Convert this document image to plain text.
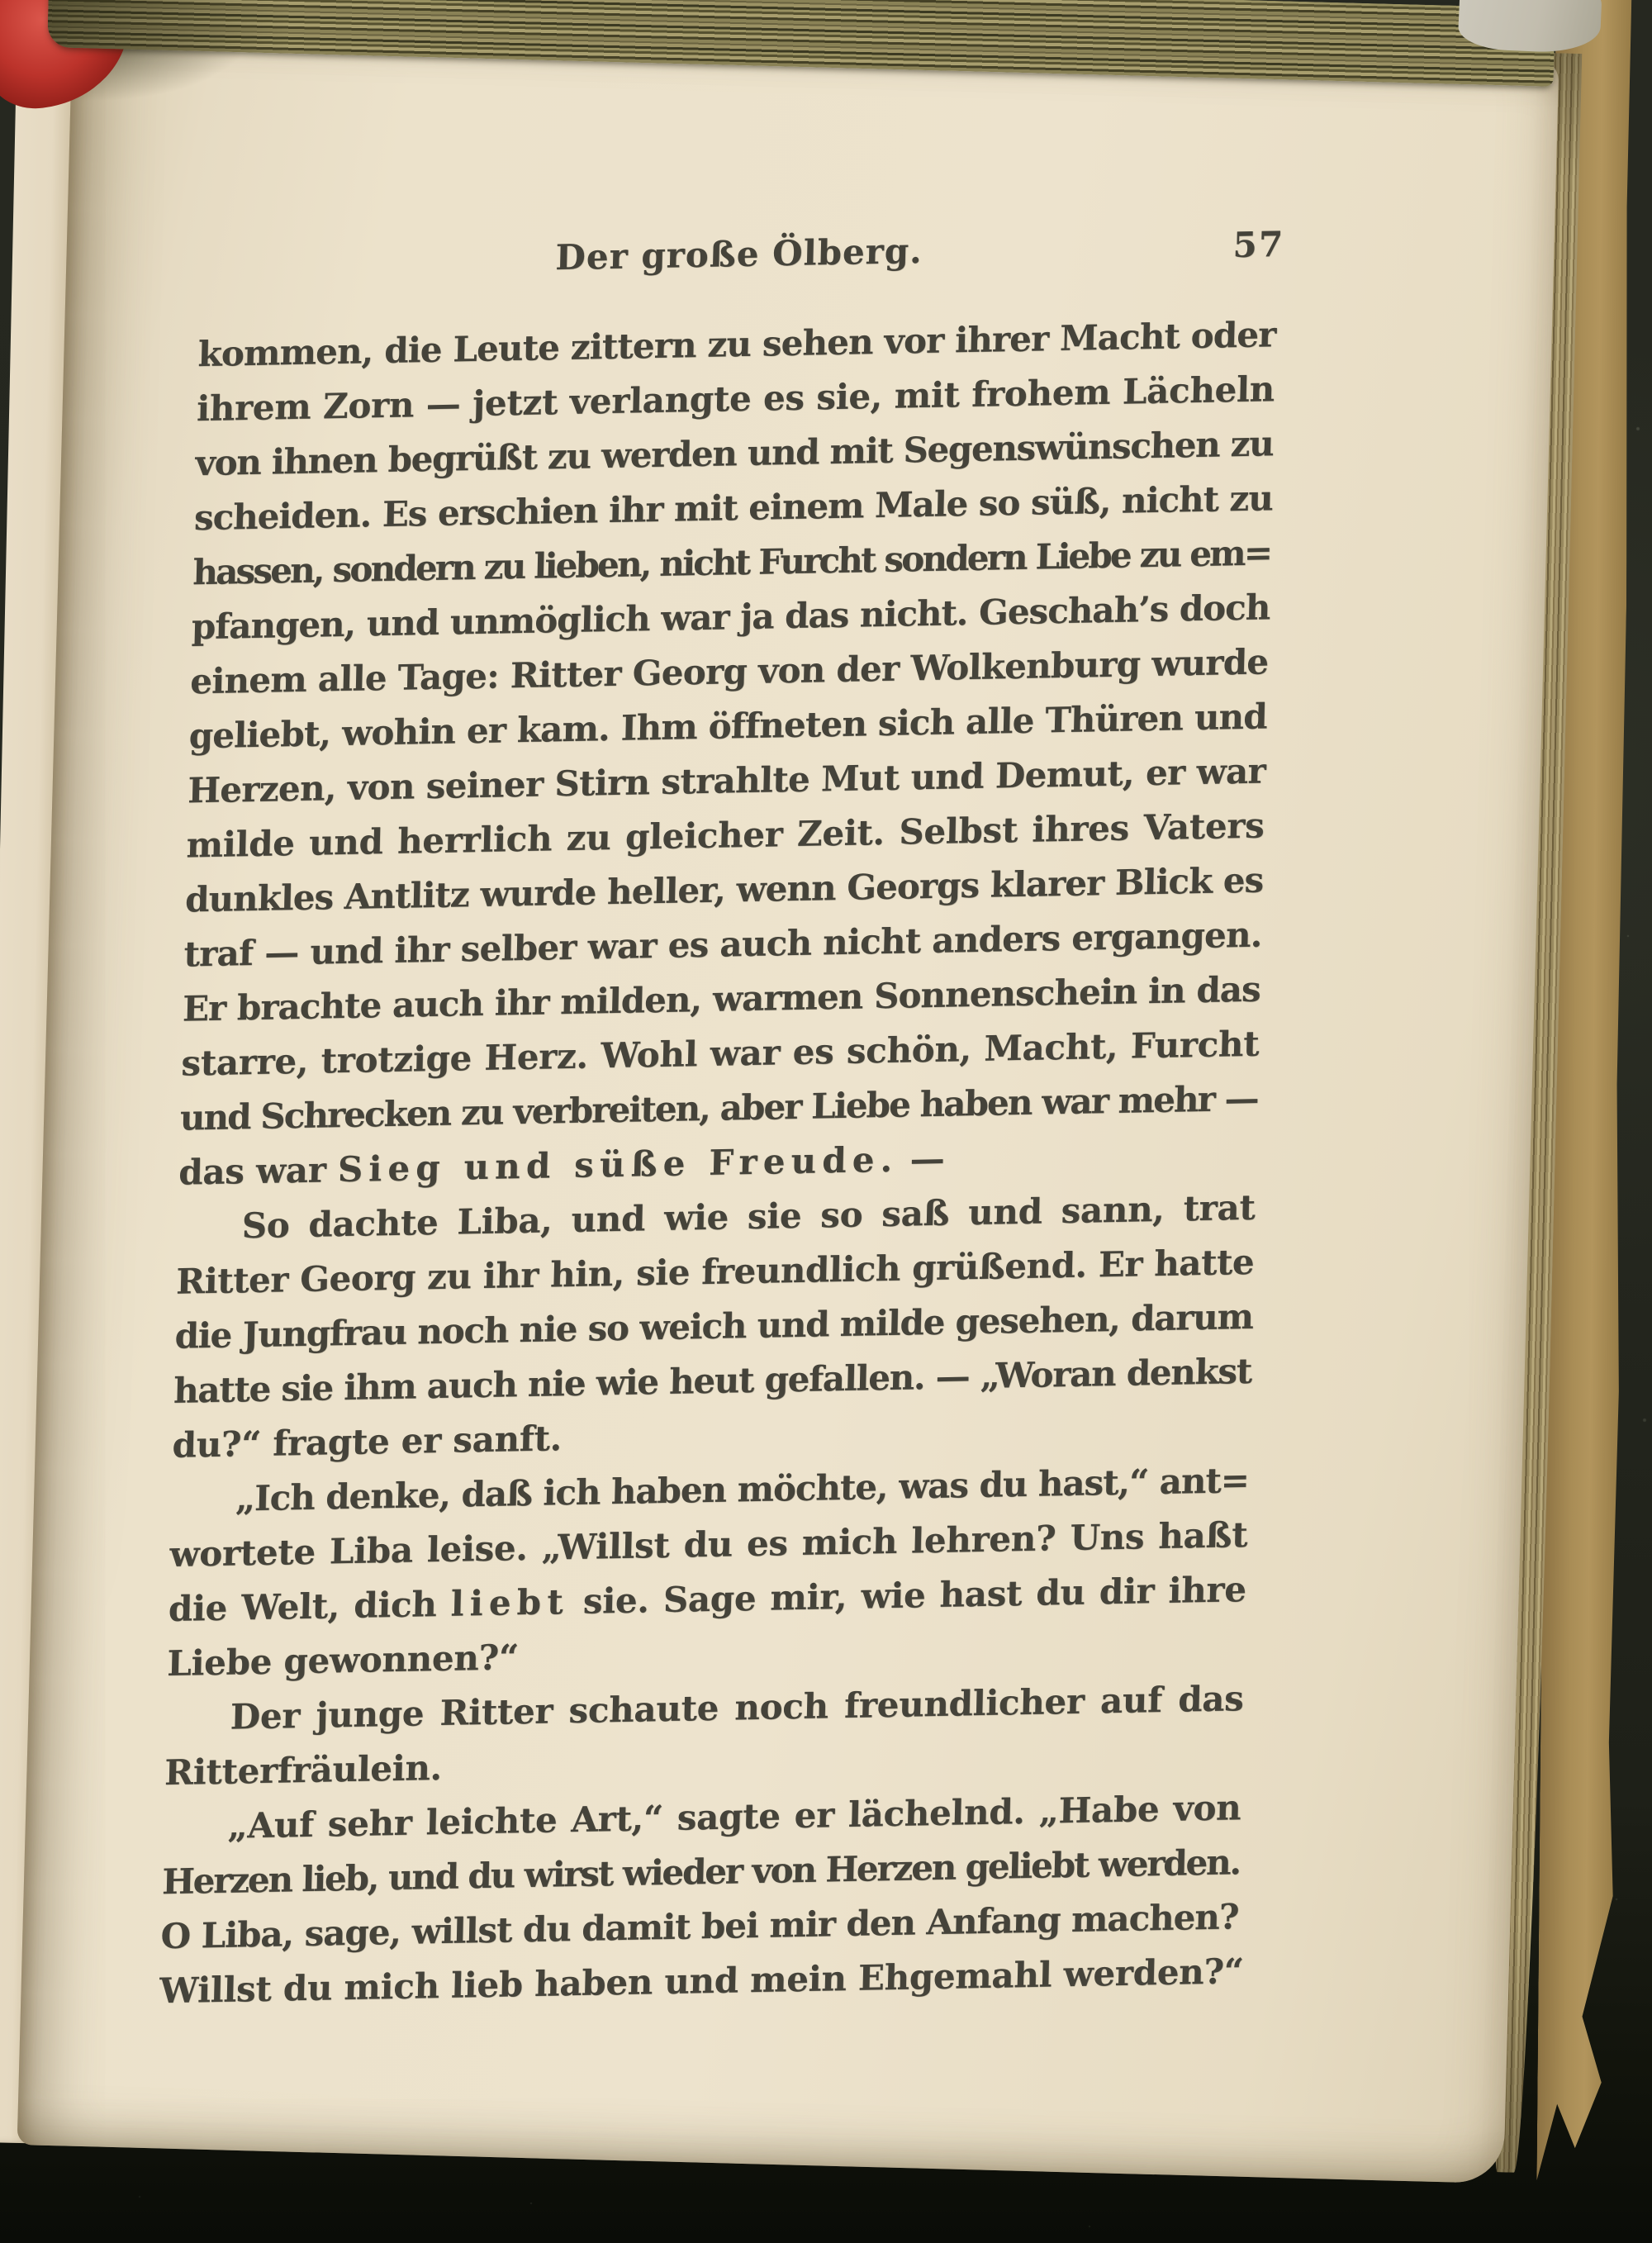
Der große Ölberg.	57
kommen, die Leute zittern zu sehen vor ihrer Macht oder
ihrem Zorn — jetzt verlangte es sie, mit frohem Lächeln
von ihnen begrüßt zu werden und mit Segenswünschen zu
scheiden. Es erschien ihr mit einem Male so süß, nicht zu
hassen, sondern zu lieben, nicht Furcht sondern Liebe zu em=
pfangen, und unmöglich war ja das nicht. Geschah’s doch
einem alle Tage: Ritter Georg von der Wolkenburg wurde
geliebt, wohin er kam. Ihm öffneten sich alle Thüren und
Herzen, von seiner Stirn strahlte Mut und Demut, er war
milde und herrlich zu gleicher Zeit. Selbst ihres Vaters
dunkles Antlitz wurde heller, wenn Georgs klarer Blick es
traf — und ihr selber war es auch nicht anders ergangen.
Er brachte auch ihr milden, warmen Sonnenschein in das
starre, trotzige Herz. Wohl war es schön, Macht, Furcht
und Schrecken zu verbreiten, aber Liebe haben war mehr —
das war Sieg und süße Freude. —
So dachte Liba, und wie sie so saß und sann, trat
Ritter Georg zu ihr hin, sie freundlich grüßend. Er hatte
die Jungfrau noch nie so weich und milde gesehen, darum
hatte sie ihm auch nie wie heut gefallen. — „Woran denkst
du?“ fragte er sanft.
„Ich denke, daß ich haben möchte, was du hast,“ ant=
wortete Liba leise. „Willst du es mich lehren? Uns haßt
die Welt, dich liebt sie. Sage mir, wie hast du dir ihre
Liebe gewonnen?“
Der junge Ritter schaute noch freundlicher auf das
Ritterfräulein.
„Auf sehr leichte Art,“ sagte er lächelnd. „Habe von
Herzen lieb, und du wirst wieder von Herzen geliebt werden.
O Liba, sage, willst du damit bei mir den Anfang machen?
Willst du mich lieb haben und mein Ehgemahl werden?“
